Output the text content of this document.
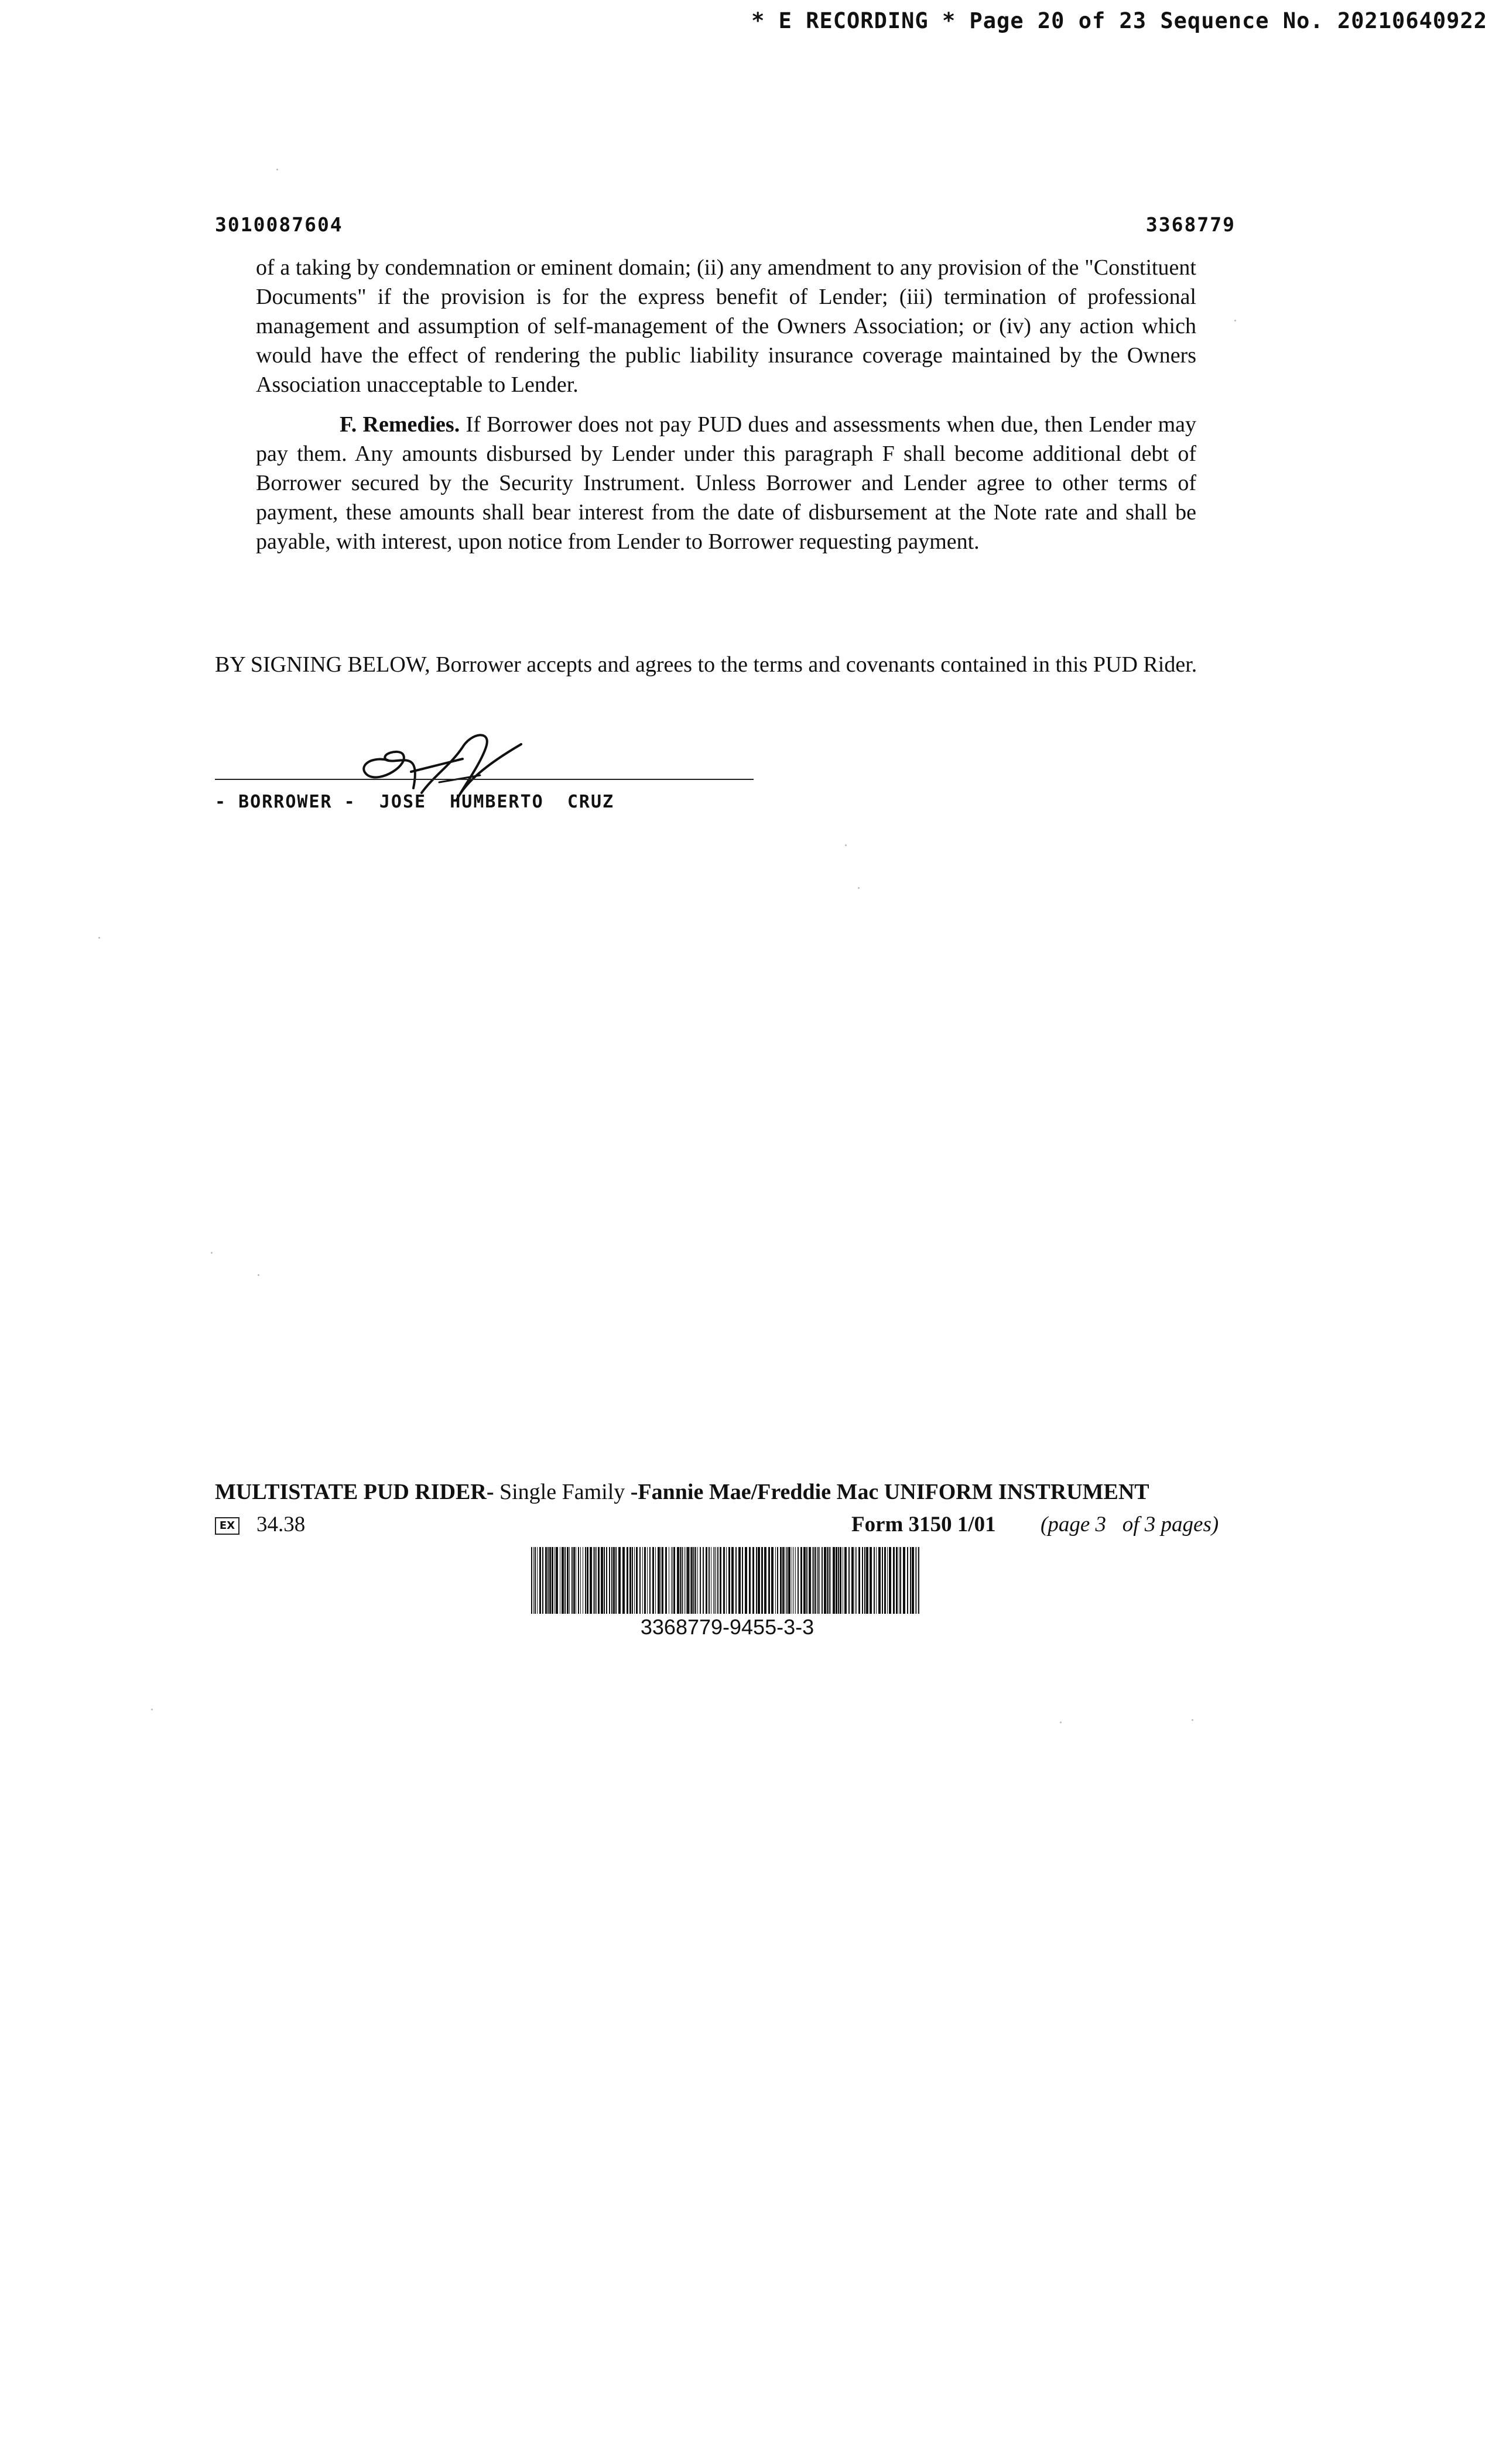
* E RECORDING * Page 20 of 23 Sequence No. 20210640922
3010087604	3368779

of a taking by condemnation or eminent domain; (ii) any amendment to any provision of the "Constituent Documents" if the provision is for the express benefit of Lender; (iii) termination of professional management and assumption of self-management of the Owners Association; or (iv) any action which would have the effect of rendering the public liability insurance coverage maintained by the Owners Association unacceptable to Lender.

F. Remedies. If Borrower does not pay PUD dues and assessments when due, then Lender may pay them. Any amounts disbursed by Lender under this paragraph F shall become additional debt of Borrower secured by the Security Instrument. Unless Borrower and Lender agree to other terms of payment, these amounts shall bear interest from the date of disbursement at the Note rate and shall be payable, with interest, upon notice from Lender to Borrower requesting payment.

BY SIGNING BELOW, Borrower accepts and agrees to the terms and covenants contained in this PUD Rider.

- BORROWER -  JOSE  HUMBERTO  CRUZ
MULTISTATE PUD RIDER- Single Family -Fannie Mae/Freddie Mac UNIFORM INSTRUMENT
EX 34.38	Form 3150 1/01 (page 3   of 3 pages)
3368779-9455-3-3
